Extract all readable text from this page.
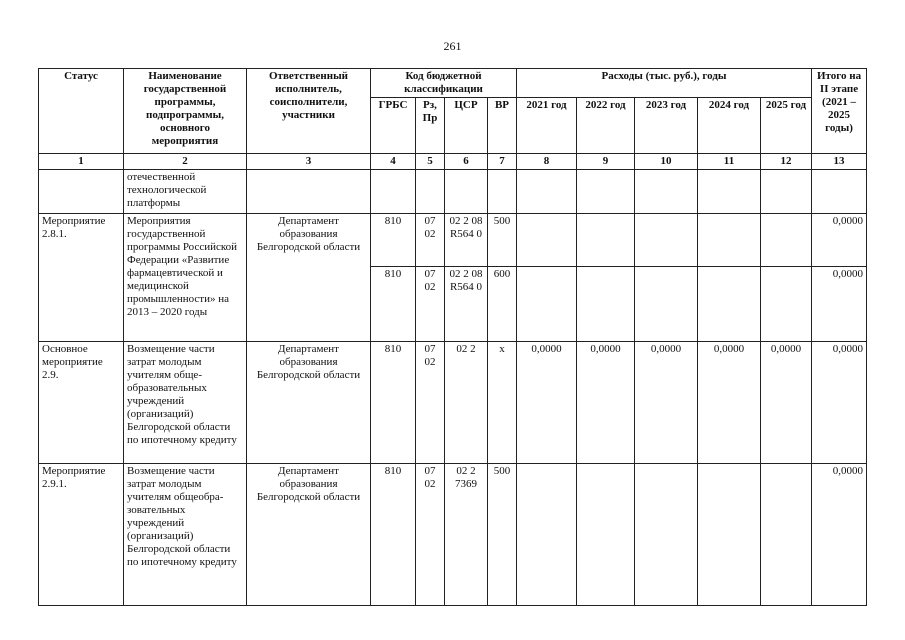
261
Статус	Наименование государственной программы, подпрограммы, основного мероприятия	Ответственный исполнитель, соисполнители, участники	Код бюджетной классификации				Расходы (тыс. руб.), годы					Итого на II этапе (2021 – 2025 годы)
			ГРБС	Рз, Пр	ЦСР	ВР	2021 год	2022 год	2023 год	2024 год	2025 год	
1	2	3	4	5	6	7	8	9	10	11	12	13
	отечественной технологической платформы											
Мероприятие 2.8.1.	Мероприятия государственной программы Российской Федерации «Развитие фармацевтической и медицинской промышленности» на 2013 – 2020 годы	Департамент образования Белгородской области	810	07 02	02 2 08 R564 0	500						0,0000
			810	07 02	02 2 08 R564 0	600						0,0000
Основное мероприятие 2.9.	Возмещение части затрат молодым учителям обще-образовательных учреждений (организаций) Белгородской области по ипотечному кредиту	Департамент образования Белгородской области	810	07 02	02 2	х	0,0000	0,0000	0,0000	0,0000	0,0000	0,0000
Мероприятие 2.9.1.	Возмещение части затрат молодым учителям общеобра-зовательных учреждений (организаций) Белгородской области по ипотечному кредиту	Департамент образования Белгородской области	810	07 02	02 2 7369	500						0,0000
